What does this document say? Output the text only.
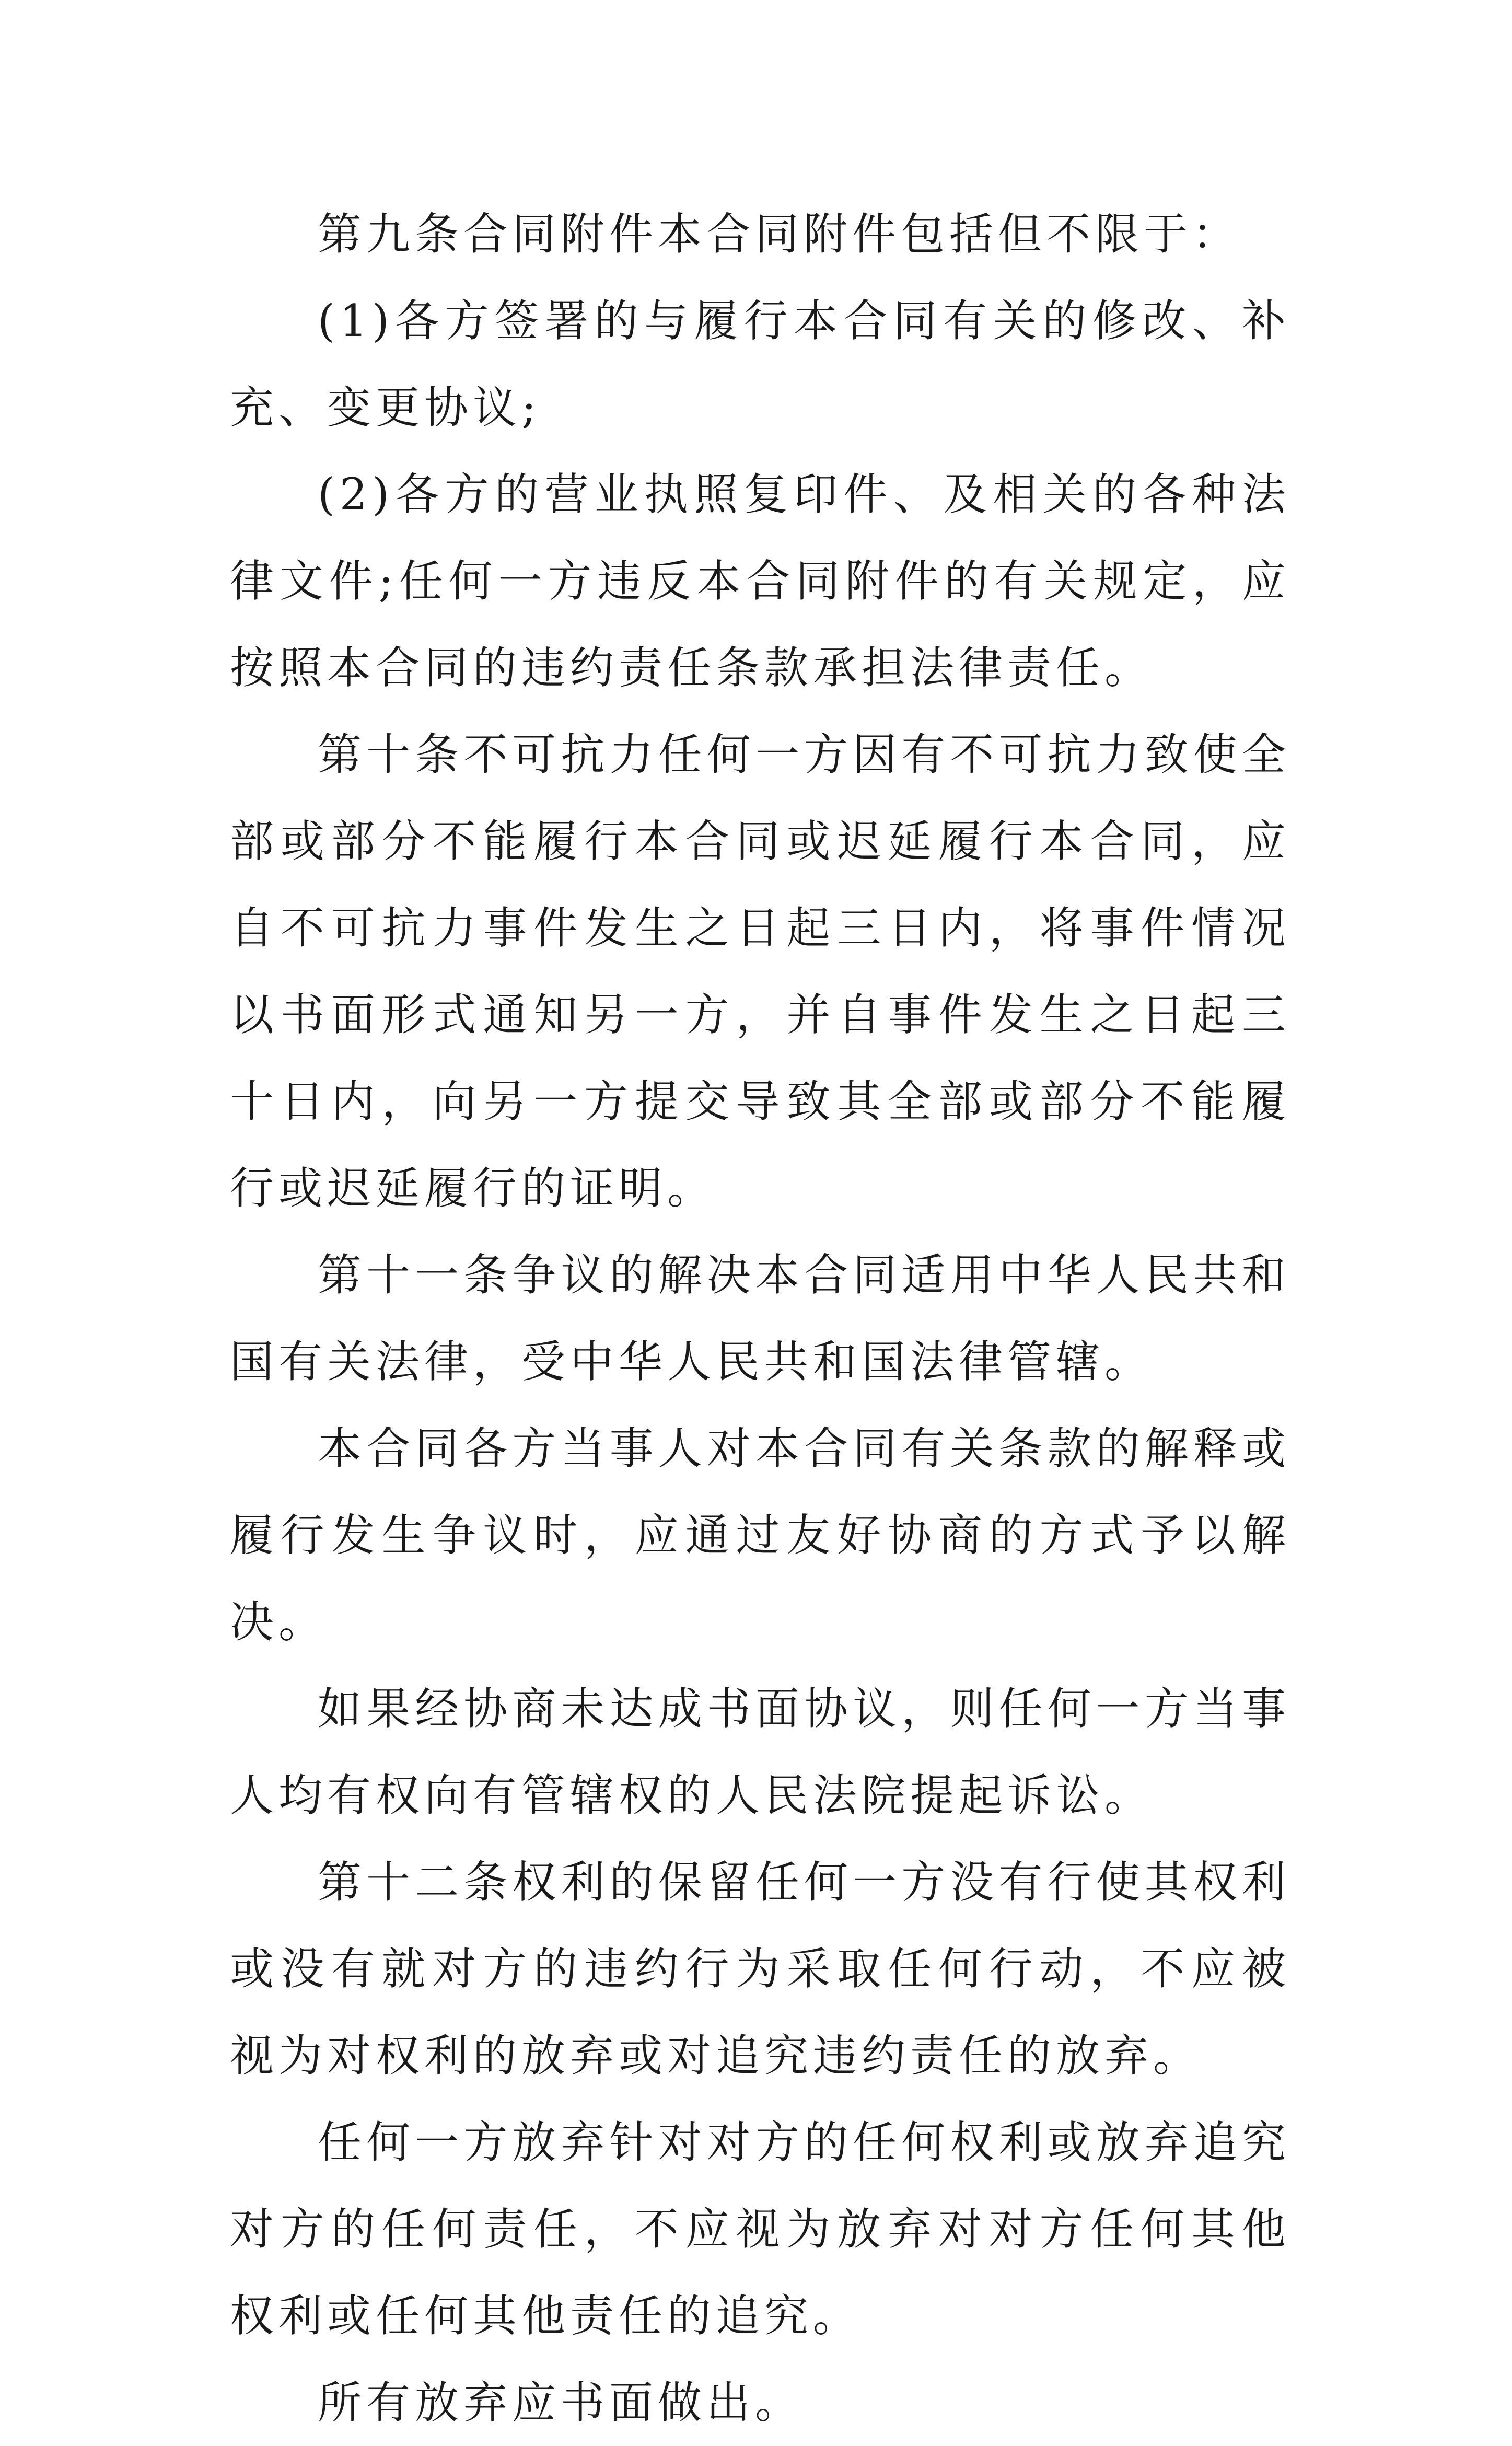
第九条合同附件本合同附件包括但不限于：

(1)各方签署的与履行本合同有关的修改、补充、变更协议;

(2)各方的营业执照复印件、及相关的各种法律文件;任何一方违反本合同附件的有关规定，应按照本合同的违约责任条款承担法律责任。

第十条不可抗力任何一方因有不可抗力致使全部或部分不能履行本合同或迟延履行本合同，应自不可抗力事件发生之日起三日内，将事件情况以书面形式通知另一方，并自事件发生之日起三十日内，向另一方提交导致其全部或部分不能履行或迟延履行的证明。

第十一条争议的解决本合同适用中华人民共和国有关法律，受中华人民共和国法律管辖。

本合同各方当事人对本合同有关条款的解释或履行发生争议时，应通过友好协商的方式予以解决。

如果经协商未达成书面协议，则任何一方当事人均有权向有管辖权的人民法院提起诉讼。

第十二条权利的保留任何一方没有行使其权利或没有就对方的违约行为采取任何行动，不应被视为对权利的放弃或对追究违约责任的放弃。

任何一方放弃针对对方的任何权利或放弃追究对方的任何责任，不应视为放弃对对方任何其他权利或任何其他责任的追究。

所有放弃应书面做出。
